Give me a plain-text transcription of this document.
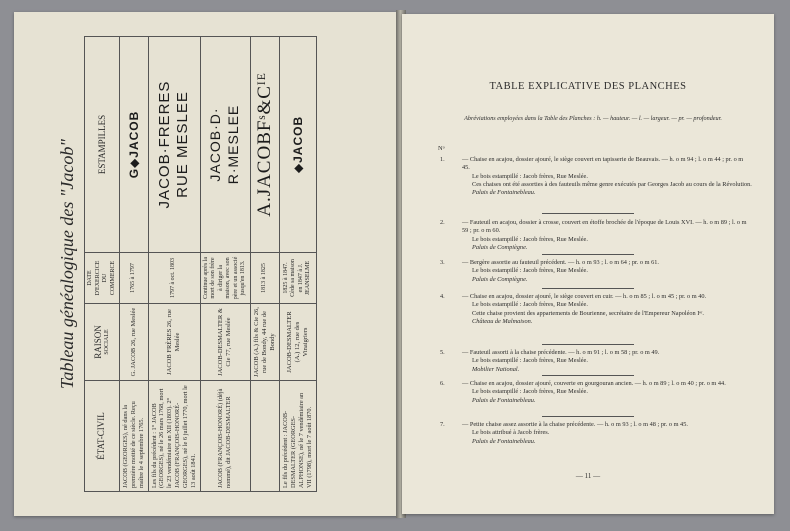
Tableau généalogique des "Jacob"
ÉTAT-CIVIL	RAISON SOCIALE	DATE D'EXERCICE DU COMMERCE	ESTAMPILLES
JACOB (GEORGES), né dans la première moitié de ce siècle. Reçu maître le 4 septembre 1765.	G. JACOB 26, rue Meslée	1765 à 1797	G◆JACOB
Les fils du précédent : 1° JACOB (GEORGES), né le 26 mars 1768, mort le 23 vendémiaire an XII (1803). 2° JACOB (FRANÇOIS-HONORÉ-GEORGES), né le 6 juillet 1770, mort le 13 août 1841.	JACOB FRÈRES 26, rue Meslée	1797 à oct. 1803	JACOB·FRERES
RUE MESLEE
JACOB (FRANÇOIS-HONORÉ) (déjà nommé), dit JACOB-DESMALTER	JACOB-DESMALTER & Cie 77, rue Meslée	Continue après la mort de son frère à diriger la maison, avec son père et un associé jusqu'en 1813.	JACOB·D· R·MESLEE
	JACOB (A.) fils & Cie 26, rue de Bondy, 44 rue de Bondy	1813 à 1825	A.JACOBFˢ&Cᴵᴱ
Le fils du précédent : JACOB-DESMALTER (GEORGES-ALPHONSE), né le 7 vendémiaire an VII (1798), mort le 7 août 1870.	JACOB-DESMALTER (A.) 12, rue des Vinaigriers	1825 à 1847. Cède sa maison en 1847 à J. JEANSELME	◆JACOB
TABLE EXPLICATIVE DES PLANCHES
Abréviations employées dans la Table des Planches : h. — hauteur. — l. — largeur. — pr. — profondeur.
Nᵒ
1.	— Chaise en acajou, dossier ajouré, le siège couvert en tapisserie de Beauvais. — h. o m 94 ; l. o m 44 ; pr. o m 45.
Le bois estampillé : Jacob frères, Rue Meslée.
Ces chaises ont été assorties à des fauteuils même genre exécutés par Georges Jacob au cours de la Révolution.
Palais de Fontainebleau.
2.	— Fauteuil en acajou, dossier à crosse, couvert en étoffe brochée de l'époque de Louis XVI. — h. o m 89 ; l. o m 59 ; pr. o m 60.
Le bois estampillé : Jacob frères, Rue Meslée.
Palais de Compiègne.
3.	— Bergère assortie au fauteuil précédent. — h. o m 93 ; l. o m 64 ; pr. o m 61.
Le bois estampillé : Jacob frères, Rue Meslée.
Palais de Compiègne.
4.	— Chaise en acajou, dossier ajouré, le siège couvert en cuir. — h. o m 85 ; l. o m 45 ; pr. o m 40.
Le bois estampillé : Jacob frères, Rue Meslée.
Cette chaise provient des appartements de Bourienne, secrétaire de l'Empereur Napoléon Iᵉʳ.
Château de Malmaison.
5.	— Fauteuil assorti à la chaise précédente. — h. o m 91 ; l. o m 58 ; pr. o m 49.
Le bois estampillé : Jacob frères, Rue Meslée.
Mobilier National.
6.	— Chaise en acajou, dossier ajouré, couverte en gourgouran ancien. — h. o m 89 ; l. o m 40 ; pr. o m 44.
Le bois estampillé : Jacob frères, Rue Meslée.
Palais de Fontainebleau.
7.	— Petite chaise assez assortie à la chaise précédente. — h. o m 93 ; l. o m 48 ; pr. o m 45.
Le bois attribué à Jacob frères.
Palais de Fontainebleau.
— 11 —
